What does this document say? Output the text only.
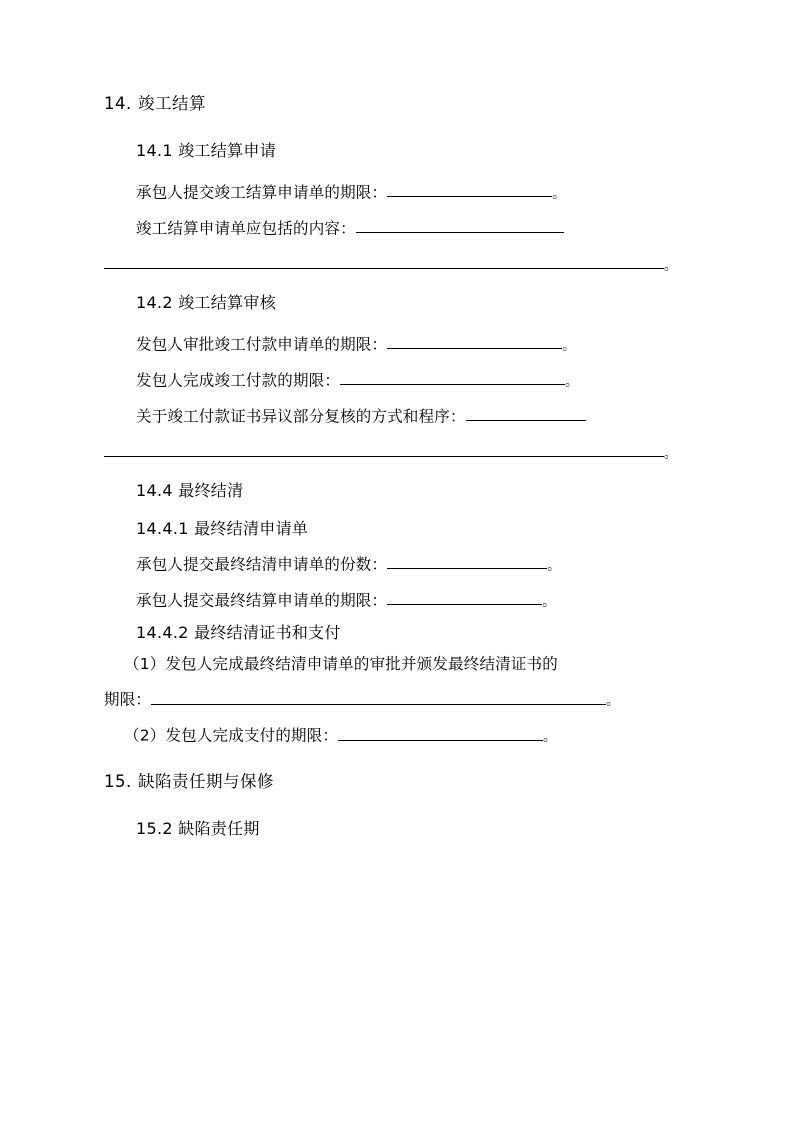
14. 竣工结算

14.1 竣工结算申请

承包人提交竣工结算申请单的期限：	。

竣工结算申请单应包括的内容：

。

14.2 竣工结算审核

发包人审批竣工付款申请单的期限：	。

发包人完成竣工付款的期限：	。

关于竣工付款证书异议部分复核的方式和程序：

。

14.4 最终结清

14.4.1 最终结清申请单

承包人提交最终结清申请单的份数：	。

承包人提交最终结算申请单的期限：	。

14.4.2 最终结清证书和支付

（1）发包人完成最终结清申请单的审批并颁发最终结清证书的

期限：	。

（2）发包人完成支付的期限：	。

15. 缺陷责任期与保修

15.2 缺陷责任期
